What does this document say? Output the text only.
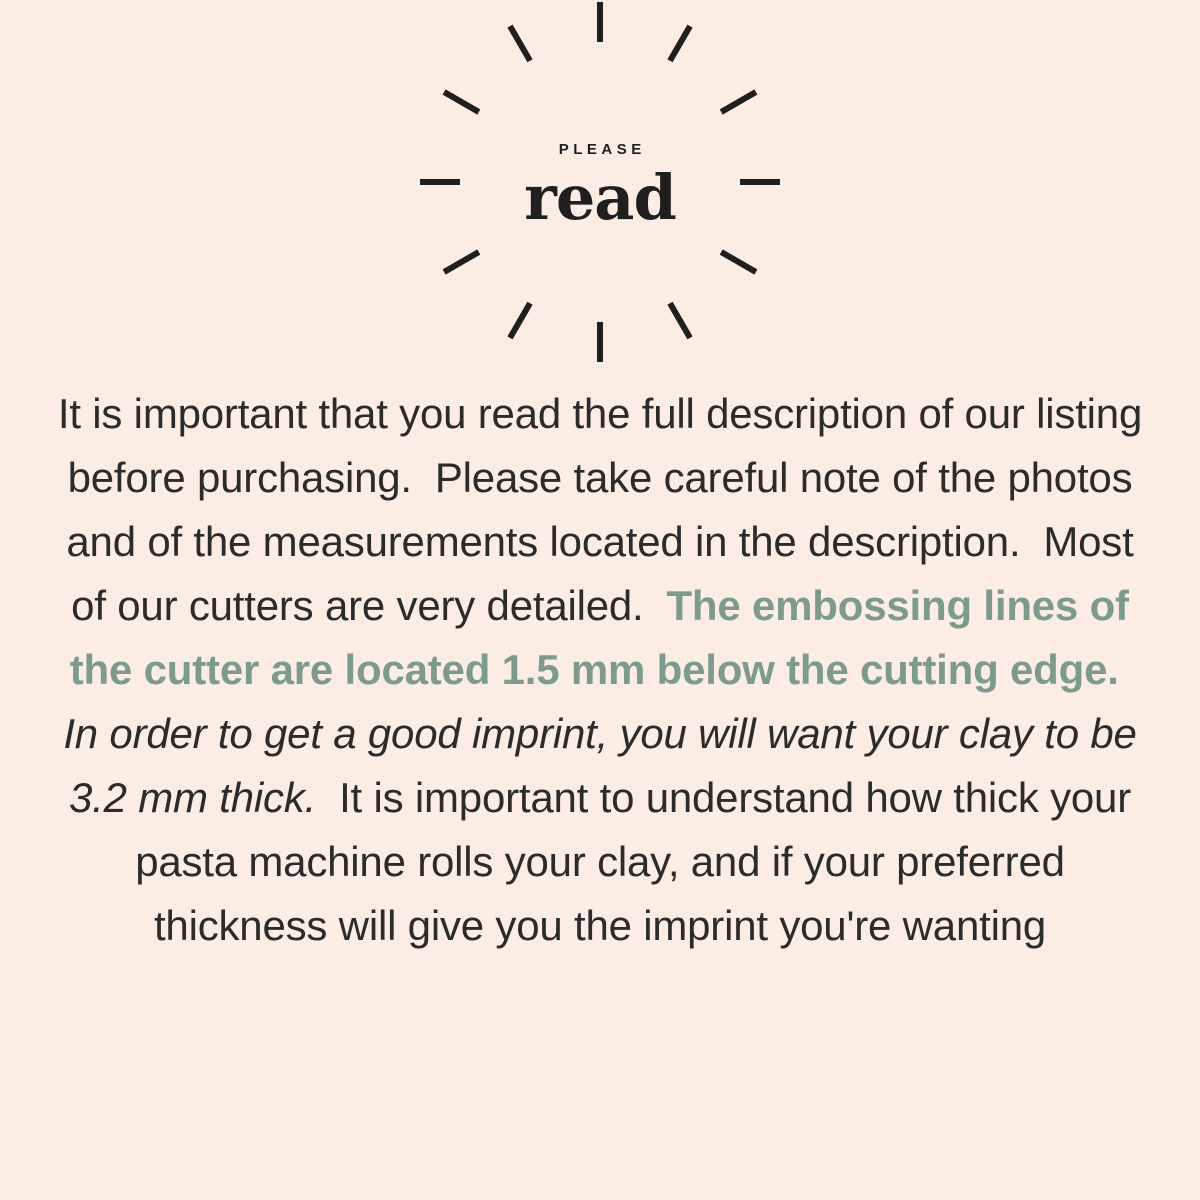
PLEASE
read

It is important that you read the full description of our listing before purchasing.  Please take careful note of the photos and of the measurements located in the description.  Most of our cutters are very detailed.  The embossing lines of the cutter are located 1.5 mm below the cutting edge.  In order to get a good imprint, you will want your clay to be 3.2 mm thick.  It is important to understand how thick your pasta machine rolls your clay, and if your preferred thickness will give you the imprint you're wanting
